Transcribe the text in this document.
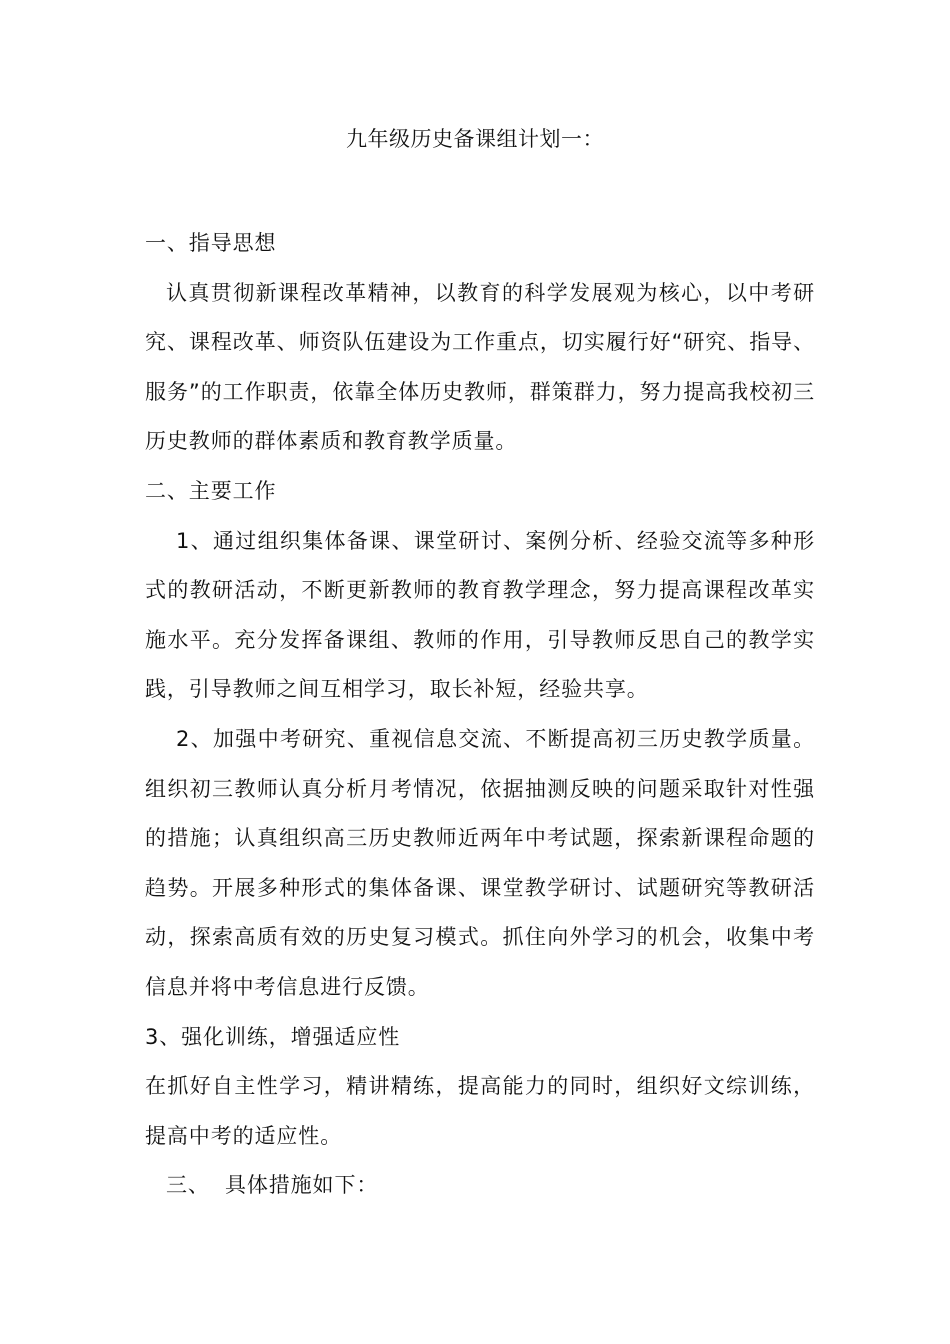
九年级历史备课组计划一：

一、指导思想

认真贯彻新课程改革精神，以教育的科学发展观为核心，以中考研究、课程改革、师资队伍建设为工作重点，切实履行好“研究、指导、服务”的工作职责，依靠全体历史教师，群策群力，努力提高我校初三历史教师的群体素质和教育教学质量。

二、主要工作

1、通过组织集体备课、课堂研讨、案例分析、经验交流等多种形式的教研活动，不断更新教师的教育教学理念，努力提高课程改革实施水平。充分发挥备课组、教师的作用，引导教师反思自己的教学实践，引导教师之间互相学习，取长补短，经验共享。

2、加强中考研究、重视信息交流、不断提高初三历史教学质量。组织初三教师认真分析月考情况，依据抽测反映的问题采取针对性强的措施；认真组织高三历史教师近两年中考试题，探索新课程命题的趋势。开展多种形式的集体备课、课堂教学研讨、试题研究等教研活动，探索高质有效的历史复习模式。抓住向外学习的机会，收集中考信息并将中考信息进行反馈。

3、强化训练，增强适应性

在抓好自主性学习，精讲精练，提高能力的同时，组织好文综训练，提高中考的适应性。

三、  具体措施如下：
